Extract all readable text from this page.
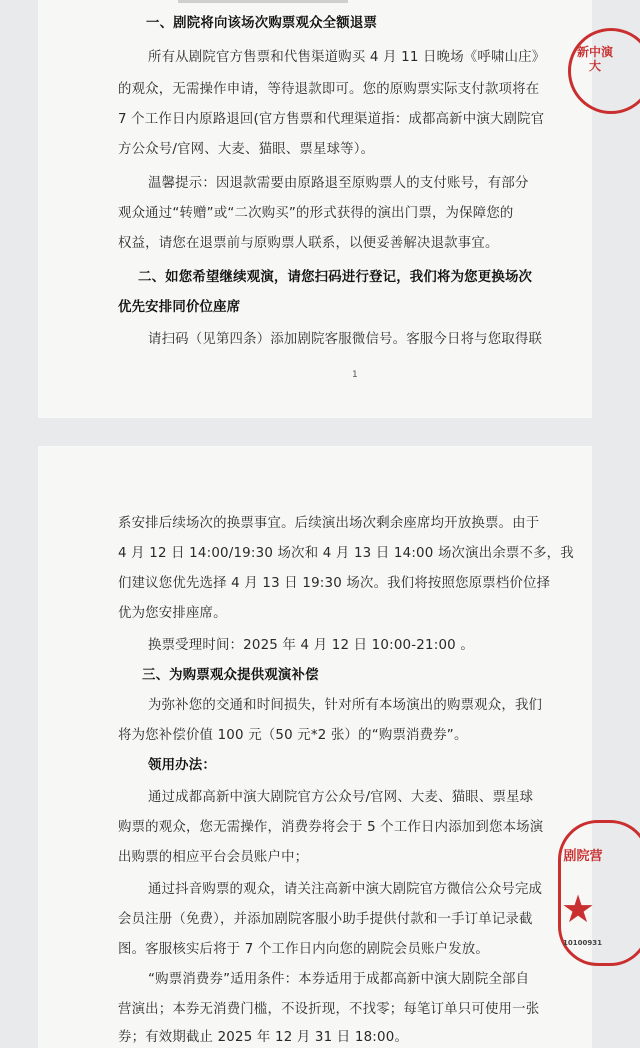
一、剧院将向该场次购票观众全额退票
所有从剧院官方售票和代售渠道购买 4 月 11 日晚场《呼啸山庄》
的观众，无需操作申请，等待退款即可。您的原购票实际支付款项将在
7 个工作日内原路退回(官方售票和代理渠道指：成都高新中演大剧院官
方公众号/官网、大麦、猫眼、票星球等）。
温馨提示：因退款需要由原路退至原购票人的支付账号，有部分
观众通过“转赠”或“二次购买”的形式获得的演出门票，为保障您的
权益，请您在退票前与原购票人联系，以便妥善解决退款事宜。
二、如您希望继续观演，请您扫码进行登记，我们将为您更换场次
优先安排同价位座席
请扫码（见第四条）添加剧院客服微信号。客服今日将与您取得联
1
系安排后续场次的换票事宜。后续演出场次剩余座席均开放换票。由于
4 月 12 日 14:00/19:30 场次和 4 月 13 日 14:00 场次演出余票不多，我
们建议您优先选择 4 月 13 日 19:30 场次。我们将按照您原票档价位择
优为您安排座席。
换票受理时间：2025 年 4 月 12 日 10:00-21:00 。
三、为购票观众提供观演补偿
为弥补您的交通和时间损失，针对所有本场演出的购票观众，我们
将为您补偿价值 100 元（50 元*2 张）的“购票消费券”。
领用办法：
通过成都高新中演大剧院官方公众号/官网、大麦、猫眼、票星球
购票的观众，您无需操作，消费券将会于 5 个工作日内添加到您本场演
出购票的相应平台会员账户中；
通过抖音购票的观众，请关注高新中演大剧院官方微信公众号完成
会员注册（免费），并添加剧院客服小助手提供付款和一手订单记录截
图。客服核实后将于 7 个工作日内向您的剧院会员账户发放。
“购票消费券”适用条件：本券适用于成都高新中演大剧院全部自
营演出；本券无消费门槛，不设折现，不找零；每笔订单只可使用一张
券；有效期截止 2025 年 12 月 31 日 18:00。
新中演大
剧院营
★
10100931
